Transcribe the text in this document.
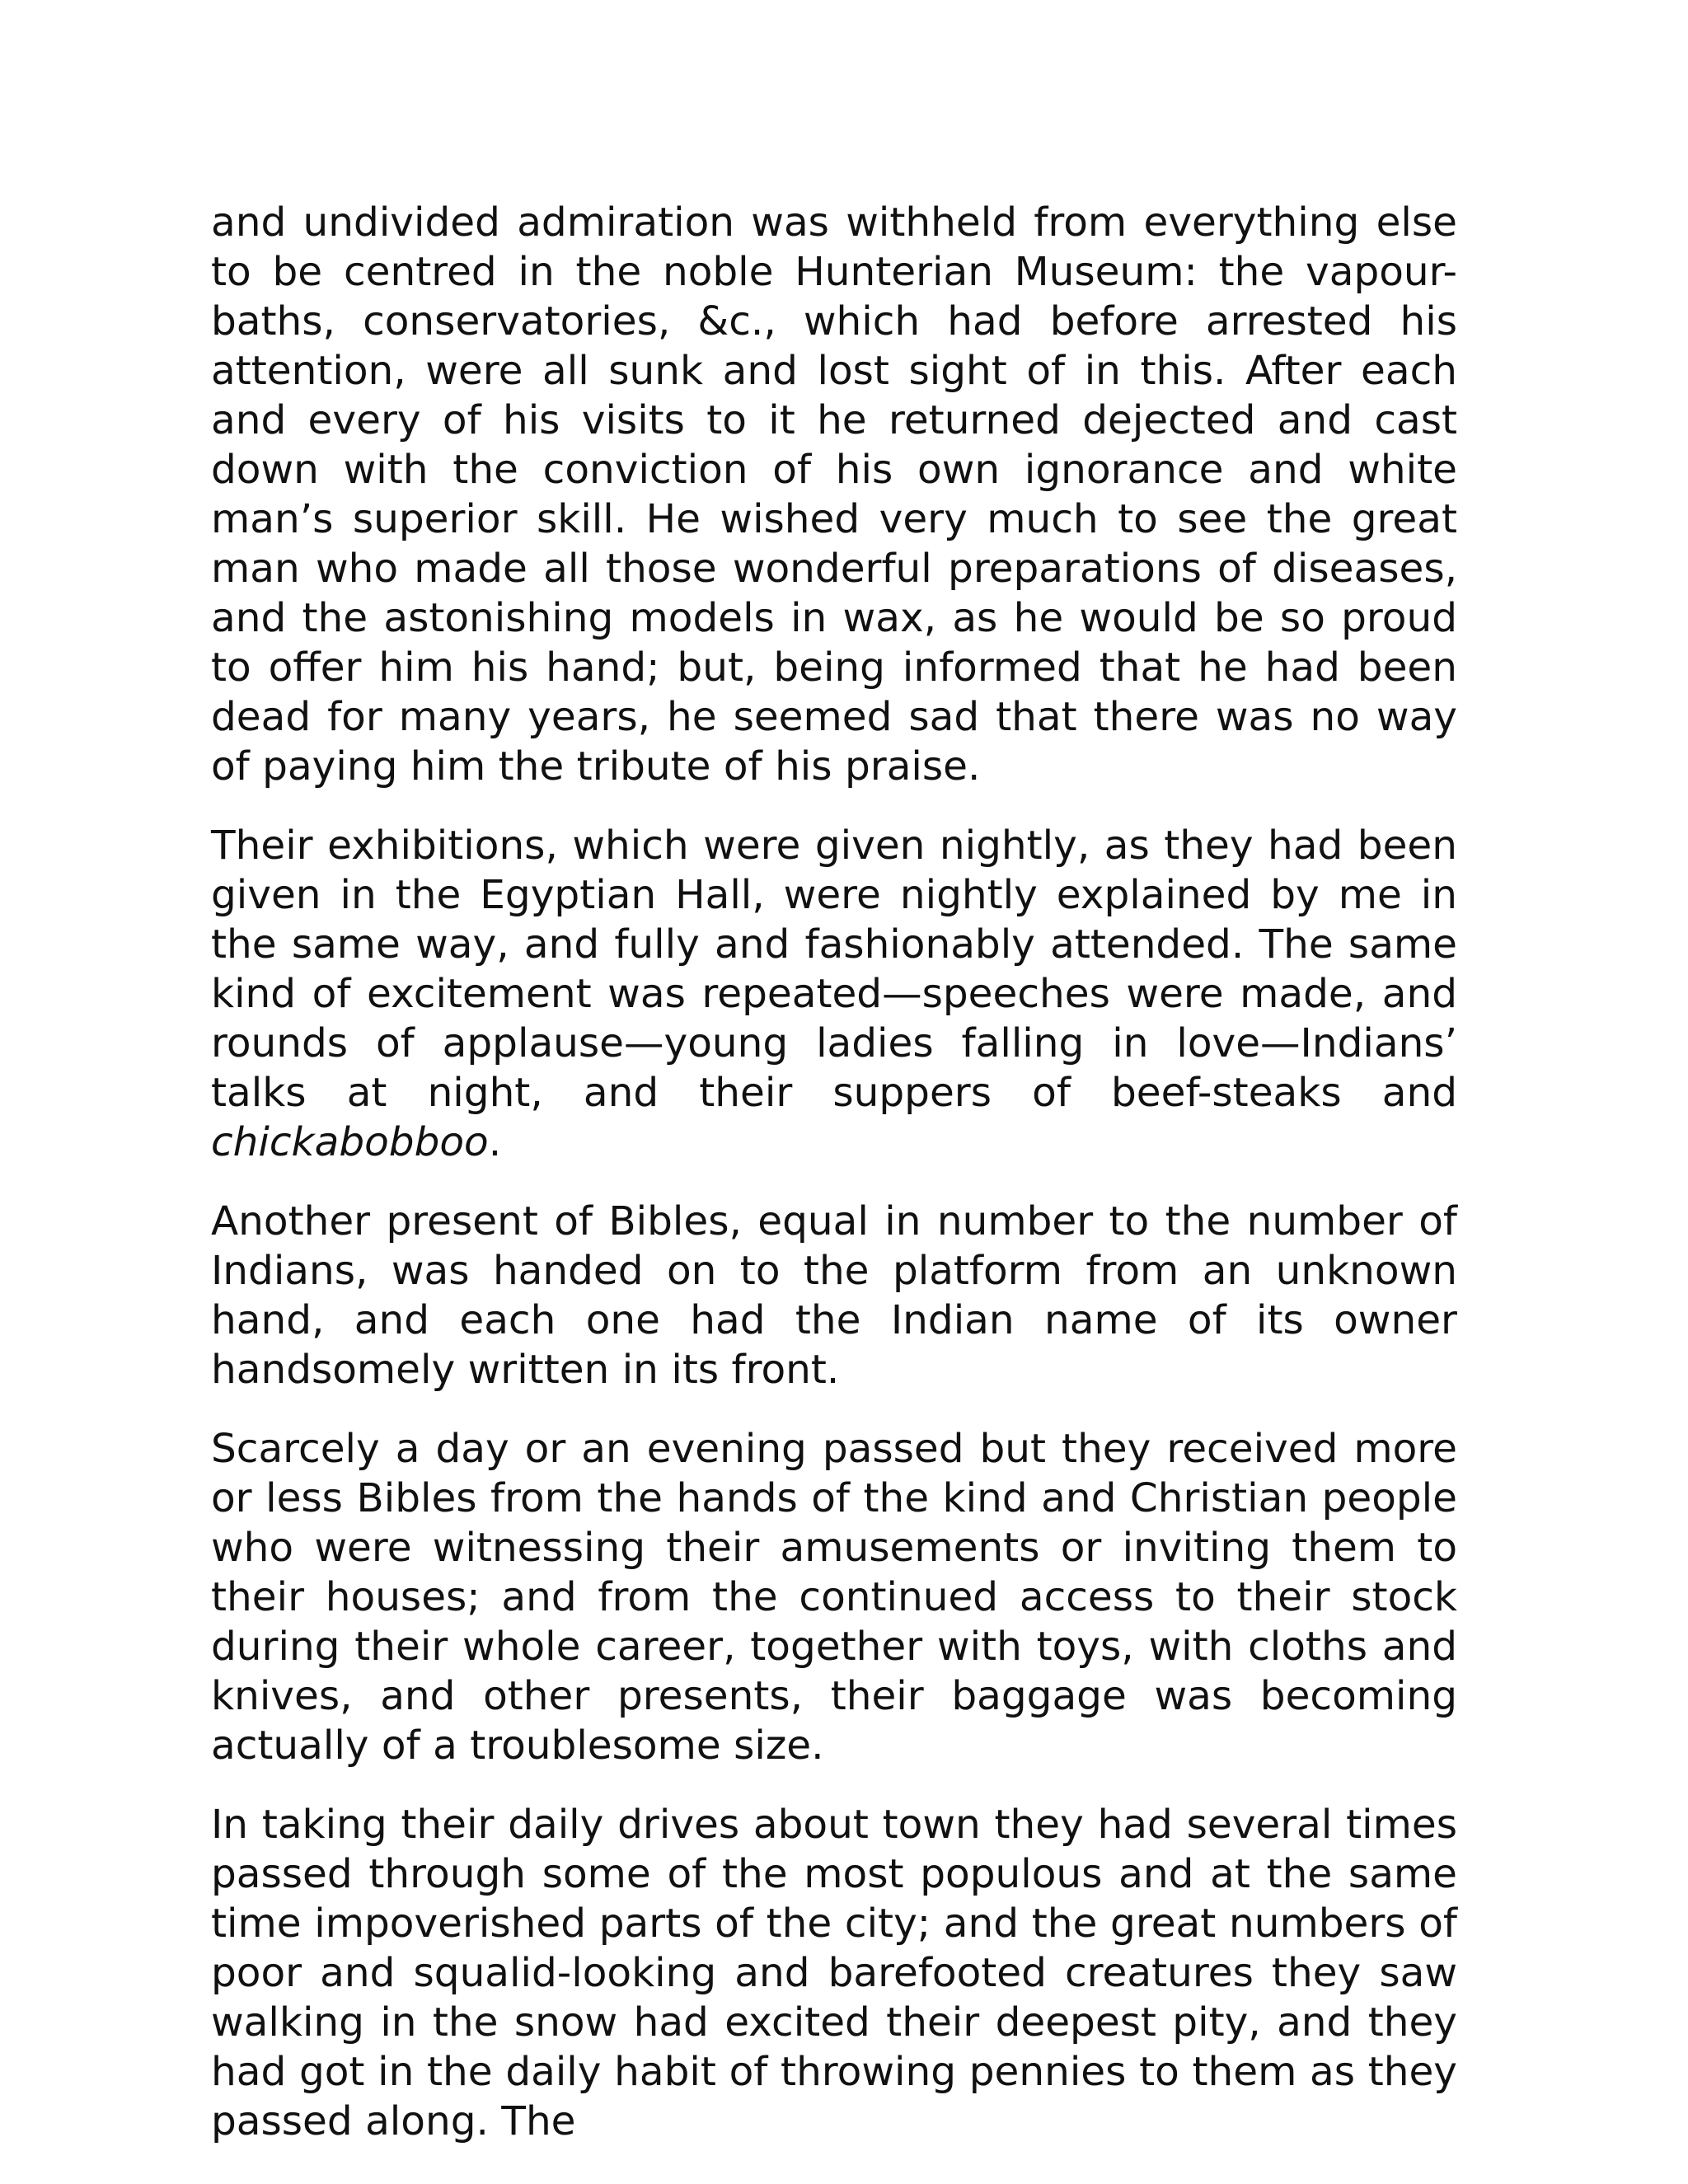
and undivided admiration was withheld from everything else to be centred in the noble Hunterian Museum: the vapour-baths, conservatories, &c., which had before arrested his attention, were all sunk and lost sight of in this. After each and every of his visits to it he returned dejected and cast down with the conviction of his own ignorance and white man’s superior skill. He wished very much to see the great man who made all those wonderful preparations of diseases, and the astonishing models in wax, as he would be so proud to offer him his hand; but, being informed that he had been dead for many years, he seemed sad that there was no way of paying him the tribute of his praise.

Their exhibitions, which were given nightly, as they had been given in the Egyptian Hall, were nightly explained by me in the same way, and fully and fashionably attended. The same kind of excitement was repeated—speeches were made, and rounds of applause—young ladies falling in love—Indians’ talks at night, and their suppers of beef-steaks and chickabobboo.

Another present of Bibles, equal in number to the number of Indians, was handed on to the platform from an unknown hand, and each one had the Indian name of its owner handsomely written in its front.

Scarcely a day or an evening passed but they received more or less Bibles from the hands of the kind and Christian people who were witnessing their amusements or inviting them to their houses; and from the continued access to their stock during their whole career, together with toys, with cloths and knives, and other presents, their baggage was becoming actually of a troublesome size.

In taking their daily drives about town they had several times passed through some of the most populous and at the same time impoverished parts of the city; and the great numbers of poor and squalid-looking and barefooted creatures they saw walking in the snow had excited their deepest pity, and they had got in the daily habit of throwing pennies to them as they passed along. The
